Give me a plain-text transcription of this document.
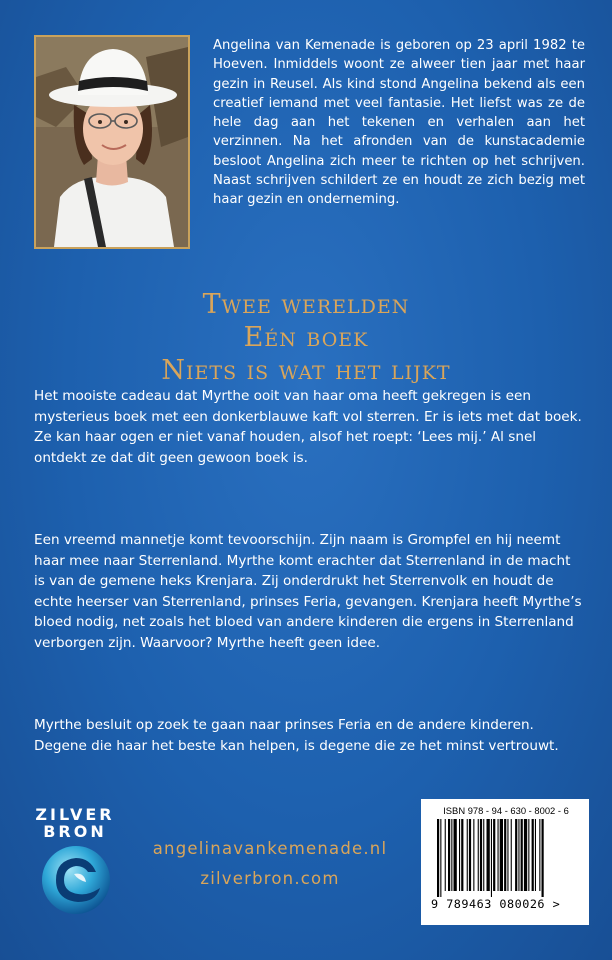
Angelina van Kemenade is geboren op 23 april 1982 te Hoeven. Inmiddels woont ze alweer tien jaar met haar gezin in Reusel. Als kind stond Angelina bekend als een creatief iemand met veel fantasie. Het liefst was ze de hele dag aan het tekenen en verhalen aan het verzinnen. Na het afronden van de kunstacademie besloot Angelina zich meer te richten op het schrijven. Naast schrijven schildert ze en houdt ze zich bezig met haar gezin en onderneming.

Twee werelden
Eén boek
Niets is wat het lijkt

Het mooiste cadeau dat Myrthe ooit van haar oma heeft gekregen is een mysterieus boek met een donkerblauwe kaft vol sterren. Er is iets met dat boek. Ze kan haar ogen er niet vanaf houden, alsof het roept: ‘Lees mij.’ Al snel ontdekt ze dat dit geen gewoon boek is.

Een vreemd mannetje komt tevoorschijn. Zijn naam is Grompfel en hij neemt haar mee naar Sterrenland. Myrthe komt erachter dat Sterrenland in de macht is van de gemene heks Krenjara. Zij onderdrukt het Sterrenvolk en houdt de echte heerser van Sterrenland, prinses Feria, gevangen. Krenjara heeft Myrthe’s bloed nodig, net zoals het bloed van andere kinderen die ergens in Sterrenland verborgen zijn. Waarvoor? Myrthe heeft geen idee.

Myrthe besluit op zoek te gaan naar prinses Feria en de andere kinderen. Degene die haar het beste kan helpen, is degene die ze het minst vertrouwt.

ZILVER
BRON
angelinavankemenade.nl
zilverbron.com

ISBN 978 - 94 - 630 - 8002 - 6

9 789463 080026 >
